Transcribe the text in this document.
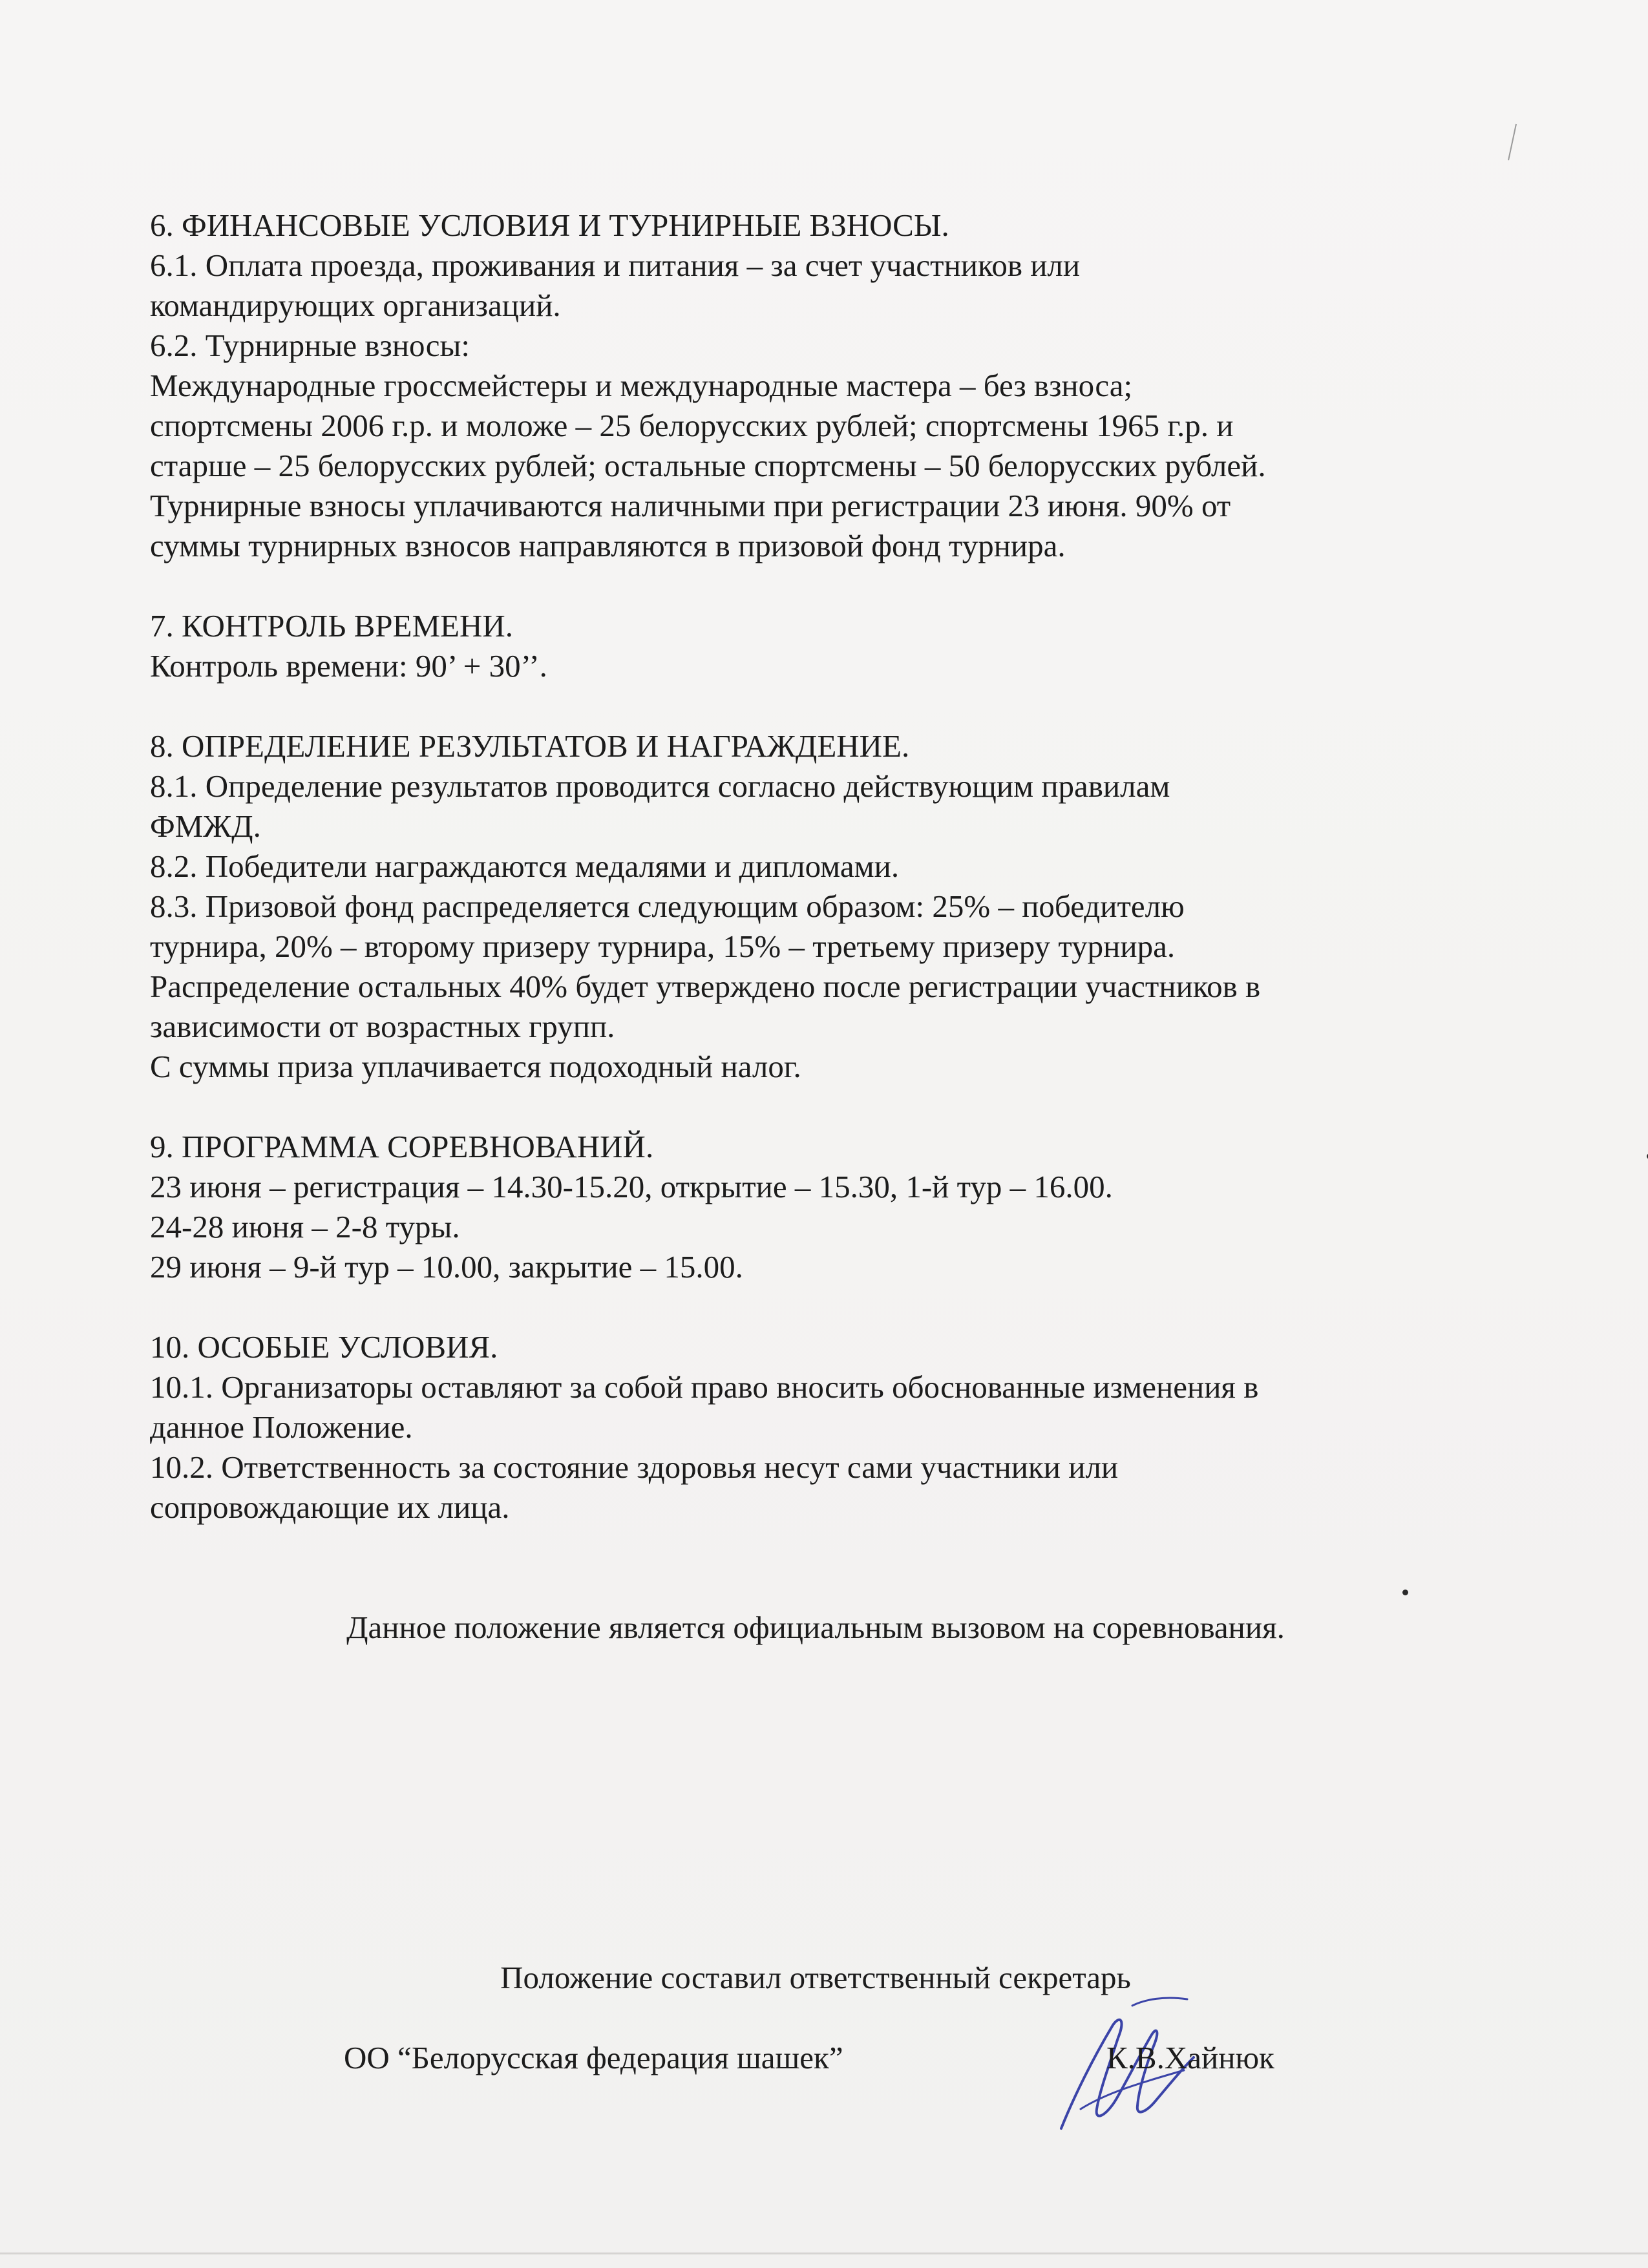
6. ФИНАНСОВЫЕ УСЛОВИЯ И ТУРНИРНЫЕ ВЗНОСЫ.

6.1. Оплата проезда, проживания и питания – за счет участников или

командирующих организаций.

6.2. Турнирные взносы:

Международные гроссмейстеры и международные мастера – без взноса;

спортсмены 2006 г.р. и моложе – 25 белорусских рублей; спортсмены 1965 г.р. и

старше – 25 белорусских рублей; остальные спортсмены – 50 белорусских рублей.

Турнирные взносы уплачиваются наличными при регистрации 23 июня. 90% от

суммы турнирных взносов направляются в призовой фонд турнира.

7. КОНТРОЛЬ ВРЕМЕНИ.

Контроль времени: 90’ + 30’’.

8. ОПРЕДЕЛЕНИЕ РЕЗУЛЬТАТОВ И НАГРАЖДЕНИЕ.

8.1. Определение результатов проводится согласно действующим правилам

ФМЖД.

8.2. Победители награждаются медалями и дипломами.

8.3. Призовой фонд распределяется следующим образом: 25% – победителю

турнира, 20% – второму призеру турнира, 15% – третьему призеру турнира.

Распределение остальных 40% будет утверждено после регистрации участников в

зависимости от возрастных групп.

С суммы приза уплачивается подоходный налог.

9. ПРОГРАММА СОРЕВНОВАНИЙ.

23 июня – регистрация – 14.30-15.20, открытие – 15.30, 1-й тур – 16.00.

24-28 июня – 2-8 туры.

29 июня – 9-й тур – 10.00, закрытие – 15.00.

10. ОСОБЫЕ УСЛОВИЯ.

10.1. Организаторы оставляют за собой право вносить обоснованные изменения в

данное Положение.

10.2. Ответственность за состояние здоровья несут сами участники или

сопровождающие их лица.

Данное положение является официальным вызовом на соревнования.

Положение составил ответственный секретарь

ОО “Белорусская федерация шашек”	К.В.Хайнюк
